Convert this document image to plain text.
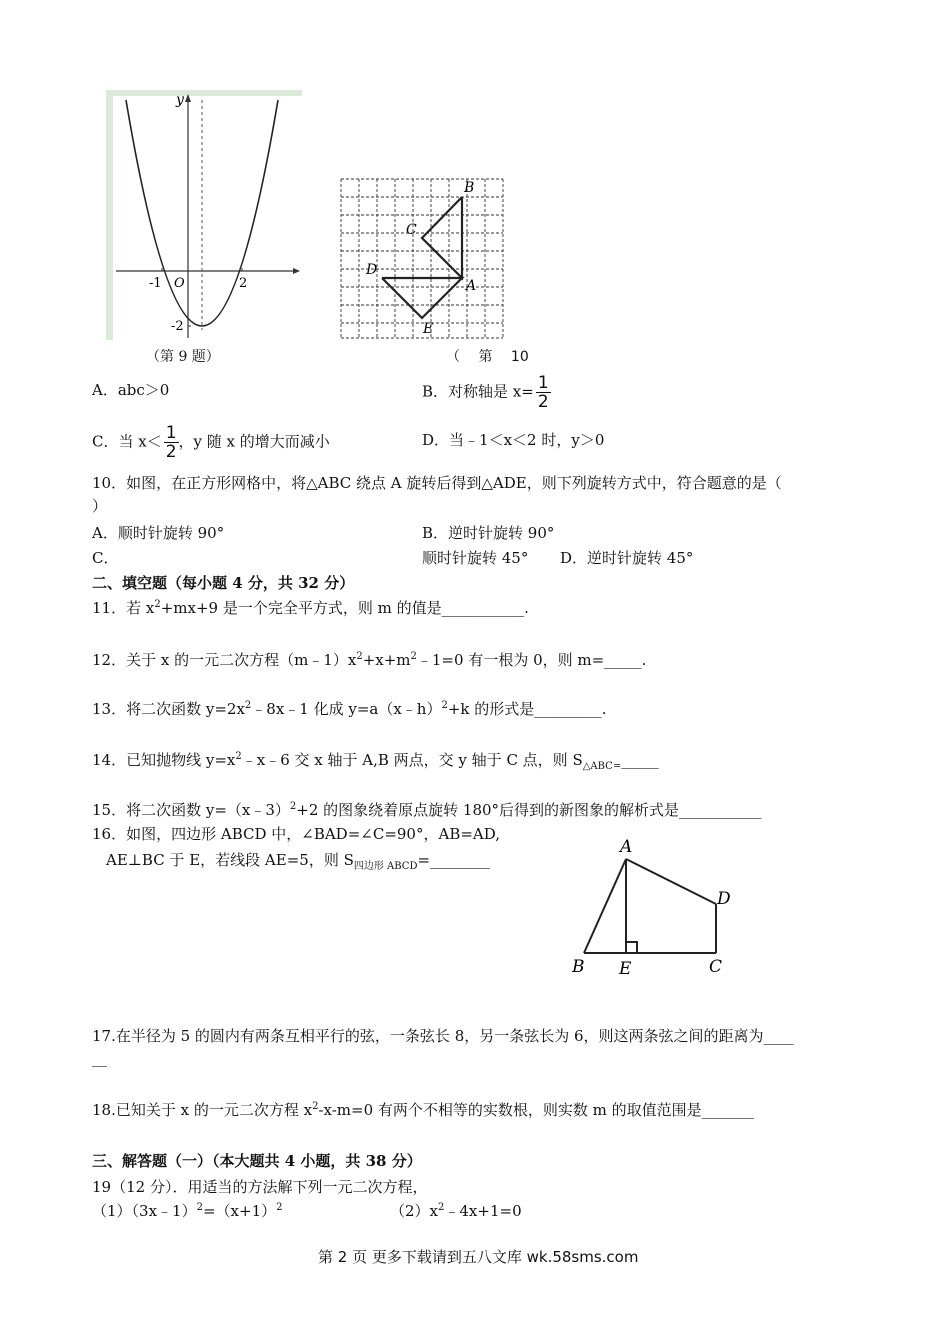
y
-1 O	2
-2
（第 9 题）
B
C
D
A
E
（ 第 10
A．abc＞0	B．对称轴是 $x= \frac{1}{2}$
C．当 $x< \frac{1}{2}$ ，y 随 x 的增大而减小	D．当﹣1＜x＜2 时，y＞0
10．如图，在正方形网格中，将△ABC 绕点 A 旋转后得到△ADE，则下列旋转方式中，符合题意的是（
）
A．顺时针旋转 90°	B．逆时针旋转 90°
C．	顺时针旋转 45° D．逆时针旋转 45°
二、填空题（每小题 4 分，共 32 分）
11．若 $x^2+mx+9$ 是一个完全平方式，则 m 的值是___________.
12．关于 x 的一元二次方程$(m﹣1)x^2+x+m^2﹣1=0$ 有一根为 0，则 m=_____.
13．将二次函数 $y=2x^2﹣8x﹣1$ 化成 y=a（x﹣h）$^2$+k 的形式是_________.
14．已知抛物线 $y=x^2﹣x﹣6$ 交 x 轴于 A,B 两点，交 y 轴于 C 点，则 $S_{\triangle ABC=}\_\_\_\_\_$
15．将二次函数 y=（x﹣3）$^2$+2 的图象绕着原点旋转 180°后得到的新图象的解析式是___________
16．如图，四边形 ABCD 中，∠BAD=∠C=90°，AB=AD,
AE⊥BC 于 E，若线段 AE=5，则 $S_{四边形 ABCD}=\_\_\_\_\_\_\_\_$
A
B E	C
D
17.在半径为 5 的圆内有两条互相平行的弦，一条弦长 8，另一条弦长为 6，则这两条弦之间的距离为____
__
18.已知关于 x 的一元二次方程 $x^2-x-m=0$ 有两个不相等的实数根，则实数 m 的取值范围是_______
三、解答题（一）（本大题共 4 小题，共 38 分）
19（12 分）．用适当的方法解下列一元二次方程，
$(1)(3x﹣1)^2=(x+1)^2$	$(2)x^2﹣4x+1=0$
第 2 页 更多下载请到五八文库 wk.58sms.com
